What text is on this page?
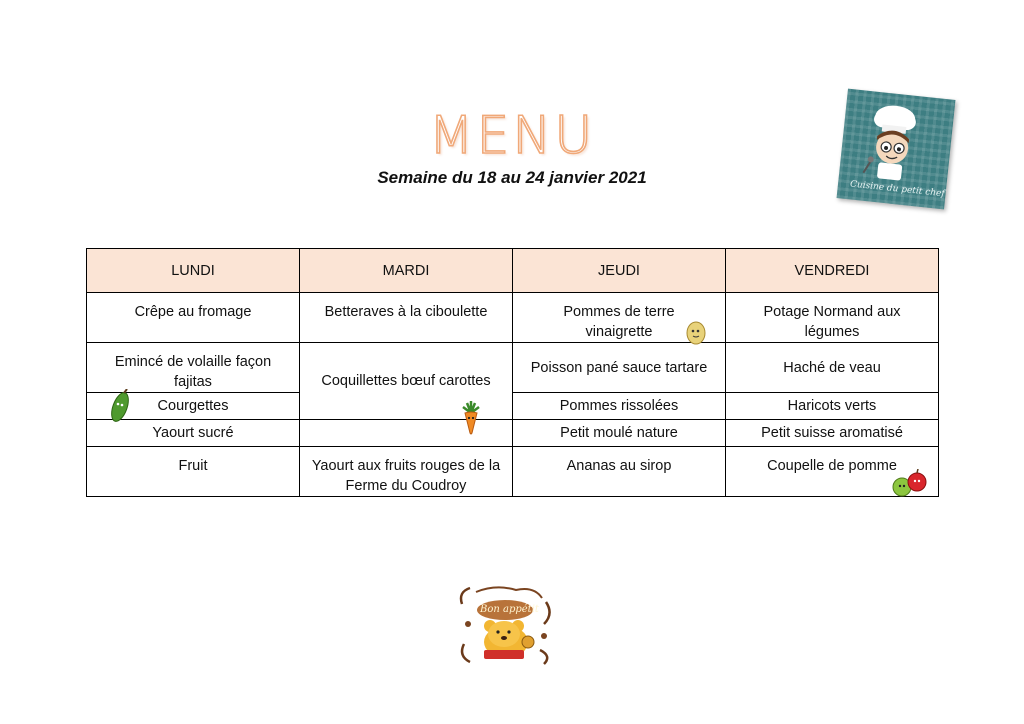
MENU
Semaine du 18 au 24 janvier 2021
Cuisine du petit chef
LUNDI	MARDI	JEUDI	VENDREDI
Crêpe au fromage	Betteraves à la ciboulette	Pommes de terre vinaigrette	Potage Normand aux légumes
Emincé de volaille façon fajitas	Coquillettes bœuf carottes	Poisson pané sauce tartare	Haché de veau

Courgettes		Pommes rissolées	Haricots verts
Yaourt sucré		Petit moulé nature	Petit suisse aromatisé
Fruit	Yaourt aux fruits rouges de la Ferme du Coudroy	Ananas au sirop	Coupelle de pomme
Bon appétit
